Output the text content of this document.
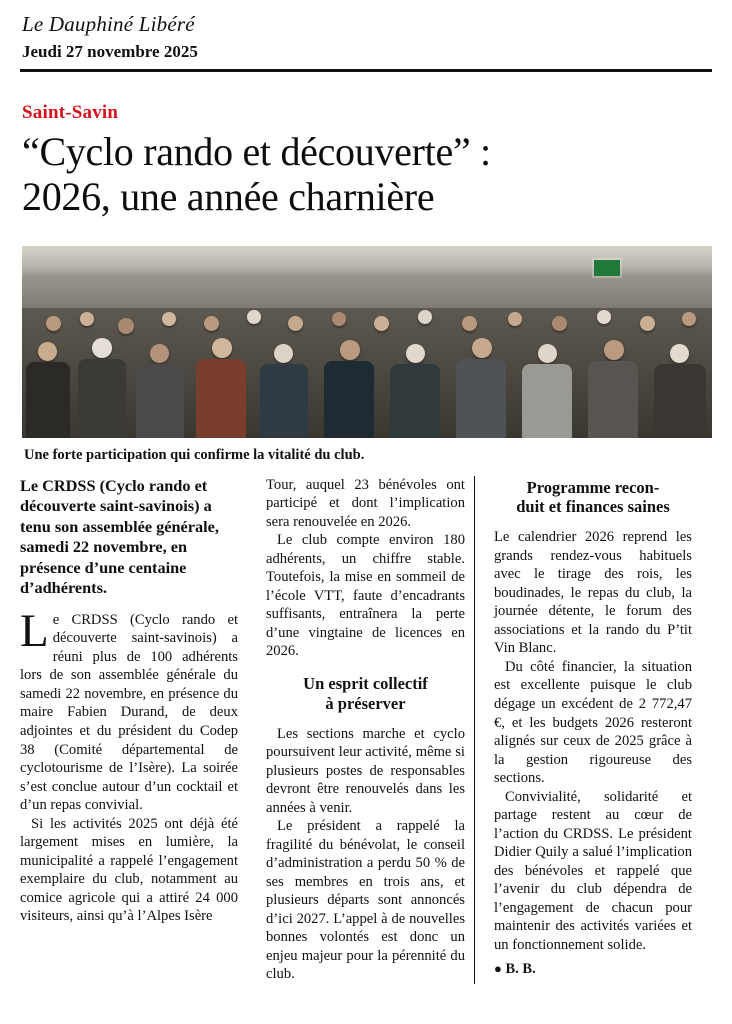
Le Dauphiné Libéré
Jeudi 27 novembre 2025
Saint-Savin
“Cyclo rando et découverte” :
2026, une année charnière
Une forte participation qui confirme la vitalité du club.
Le CRDSS (Cyclo rando et découverte saint-savinois) a tenu son assemblée générale, samedi 22 novembre, en présence d’une centaine d’adhérents.

Le CRDSS (Cyclo rando et découverte saint-savinois) a réuni plus de 100 adhérents lors de son assemblée générale du samedi 22 novembre, en présence du maire Fabien Durand, de deux adjointes et du président du Codep 38 (Comité départemental de cyclotourisme de l’Isère). La soirée s’est conclue autour d’un cocktail et d’un repas convivial.

Si les activités 2025 ont déjà été largement mises en lumière, la municipalité a rappelé l’engagement exemplaire du club, notamment au comice agricole qui a attiré 24 000 visiteurs, ainsi qu’à l’Alpes Isère

Tour, auquel 23 bénévoles ont participé et dont l’implication sera renouvelée en 2026.

Le club compte environ 180 adhérents, un chiffre stable. Toutefois, la mise en sommeil de l’école VTT, faute d’encadrants suffisants, entraînera la perte d’une vingtaine de licences en 2026.

Un esprit collectif
à préserver

Les sections marche et cyclo poursuivent leur activité, même si plusieurs postes de responsables devront être renouvelés dans les années à venir.

Le président a rappelé la fragilité du bénévolat, le conseil d’administration a perdu 50 % de ses membres en trois ans, et plusieurs départs sont annoncés d’ici 2027. L’appel à de nouvelles bonnes volontés est donc un enjeu majeur pour la pérennité du club.

Programme recon-
duit et finances saines

Le calendrier 2026 reprend les grands rendez-vous habituels avec le tirage des rois, les boudinades, le repas du club, la journée détente, le forum des associations et la rando du P’tit Vin Blanc.

Du côté financier, la situation est excellente puisque le club dégage un excédent de 2 772,47 €, et les budgets 2026 resteront alignés sur ceux de 2025 grâce à la gestion rigoureuse des sections.

Convivialité, solidarité et partage restent au cœur de l’action du CRDSS. Le président Didier Quily a salué l’implication des bénévoles et rappelé que l’avenir du club dépendra de l’engagement de chacun pour maintenir des activités variées et un fonctionnement solide.

● B. B.
